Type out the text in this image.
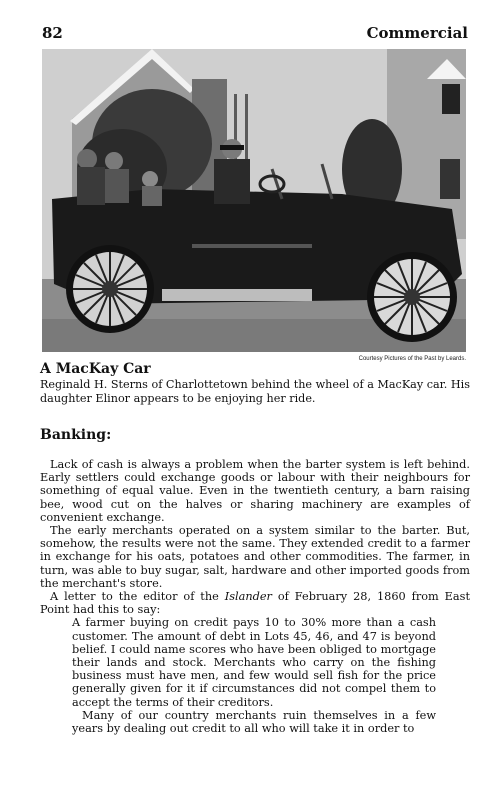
82	Commercial
Courtesy Pictures of the Past by Leards.
A MacKay Car
Reginald H. Sterns of Charlottetown behind the wheel of a MacKay car. His daughter Elinor appears to be enjoying her ride.
Banking:

Lack of cash is always a problem when the barter system is left behind. Early settlers could exchange goods or labour with their neighbours for something of equal value. Even in the twentieth century, a barn raising bee, wood cut on the halves or sharing machinery are examples of convenient exchange.

The early merchants operated on a system similar to the barter. But, somehow, the results were not the same. They extended credit to a farmer in exchange for his oats, potatoes and other commodities. The farmer, in turn, was able to buy sugar, salt, hardware and other imported goods from the merchant's store.

A letter to the editor of the Islander of February 28, 1860 from East Point had this to say:

A farmer buying on credit pays 10 to 30% more than a cash customer. The amount of debt in Lots 45, 46, and 47 is beyond belief. I could name scores who have been obliged to mortgage their lands and stock. Merchants who carry on the fishing business must have men, and few would sell fish for the price generally given for it if circumstances did not compel them to accept the terms of their creditors.

Many of our country merchants ruin themselves in a few years by dealing out credit to all who will take it in order to
